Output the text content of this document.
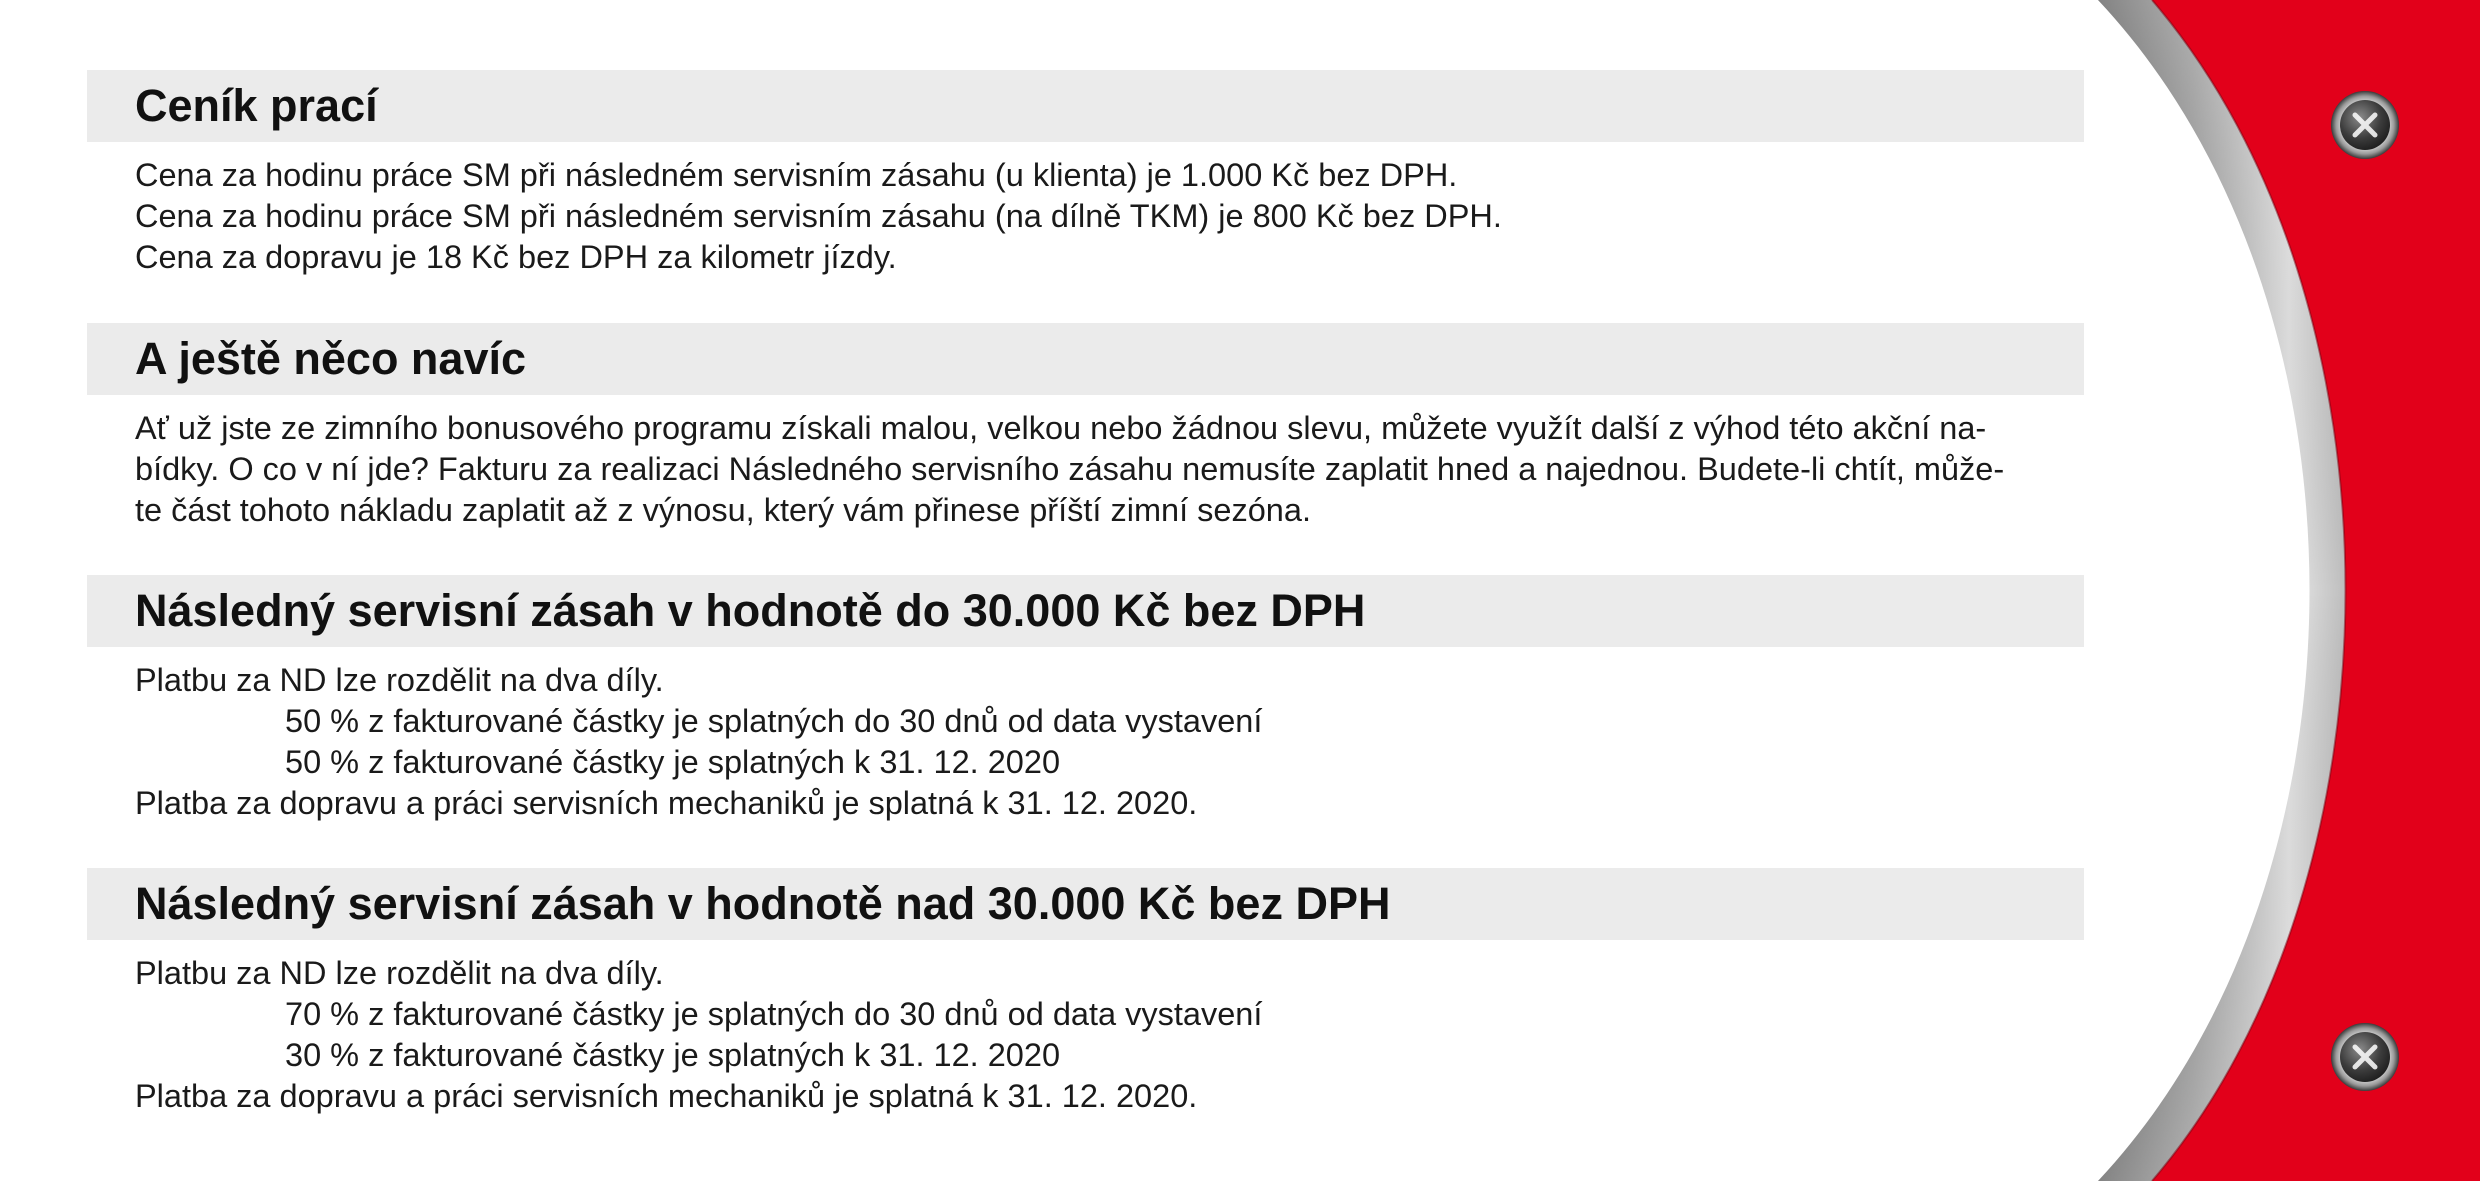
Ceník prací
Cena za hodinu práce SM při následném servisním zásahu (u klienta) je 1.000 Kč bez DPH.
Cena za hodinu práce SM při následném servisním zásahu (na dílně TKM) je 800 Kč bez DPH.
Cena za dopravu je 18 Kč bez DPH za kilometr jízdy.
A ještě něco navíc
Ať už jste ze zimního bonusového programu získali malou, velkou nebo žádnou slevu, můžete využít další z výhod této akční na-
bídky. O co v ní jde? Fakturu za realizaci Následného servisního zásahu nemusíte zaplatit hned a najednou. Budete-li chtít, může-
te část tohoto nákladu zaplatit až z výnosu, který vám přinese příští zimní sezóna.
Následný servisní zásah v hodnotě do 30.000 Kč bez DPH
Platbu za ND lze rozdělit na dva díly.
50 % z fakturované částky je splatných do 30 dnů od data vystavení
50 % z fakturované částky je splatných k 31. 12. 2020
Platba za dopravu a práci servisních mechaniků je splatná k 31. 12. 2020.
Následný servisní zásah v hodnotě nad 30.000 Kč bez DPH
Platbu za ND lze rozdělit na dva díly.
70 % z fakturované částky je splatných do 30 dnů od data vystavení
30 % z fakturované částky je splatných k 31. 12. 2020
Platba za dopravu a práci servisních mechaniků je splatná k 31. 12. 2020.
